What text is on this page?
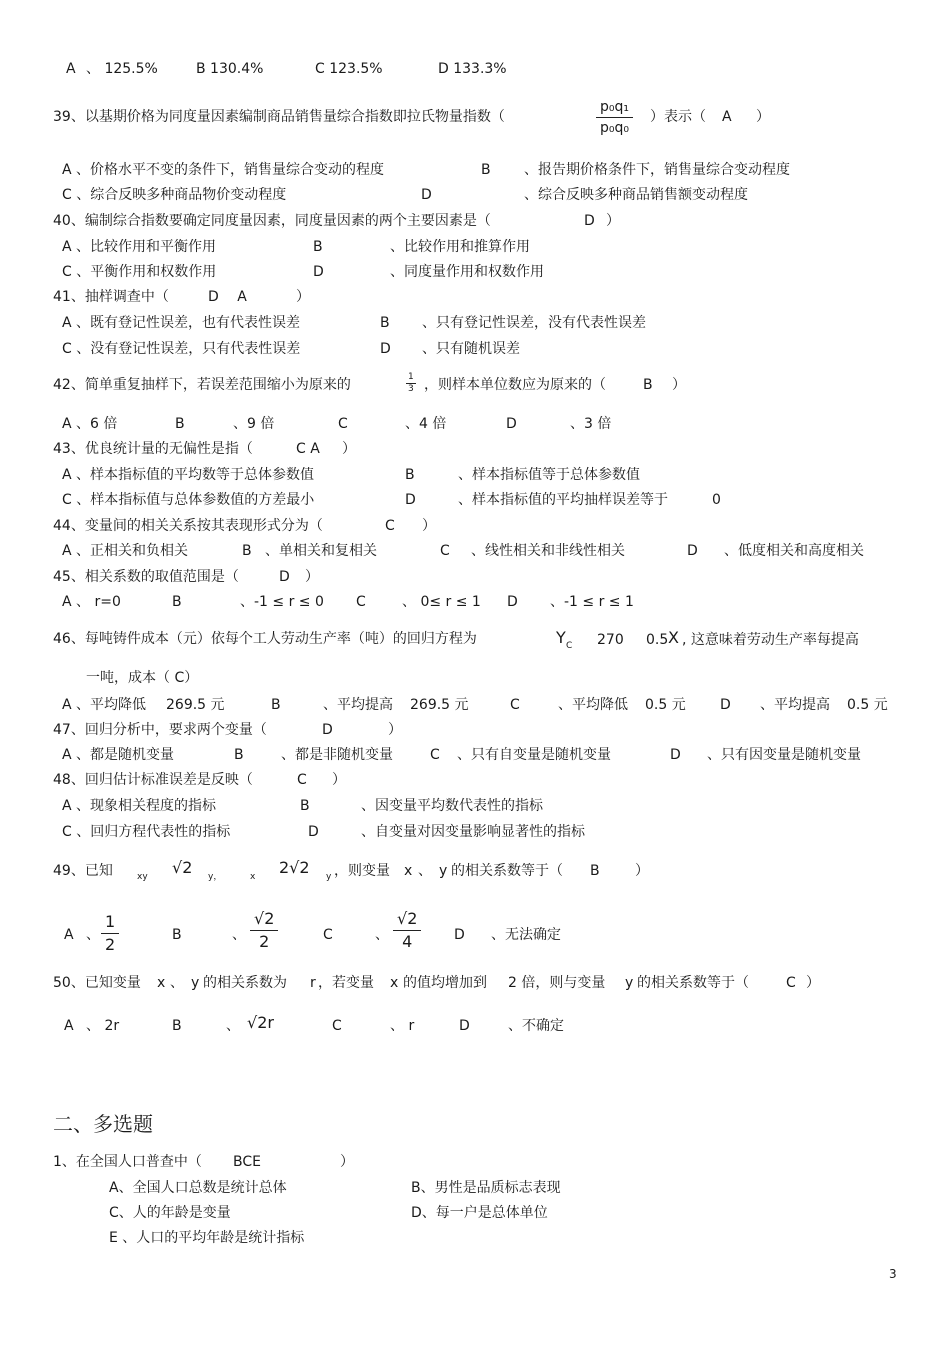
A 、 125.5%	B 130.4%	C 123.5%	D 133.3%
39、以基期价格为同度量因素编制商品销售量综合指数即拉氏物量指数（	$\frac{\text{p₀q₁}}{\text{p₀q₀}}$ ）表示（ A ）
A 、价格水平不变的条件下，销售量综合变动的程度	B 、报告期价格条件下，销售量综合变动程度
C 、综合反映多种商品物价变动程度	D	、综合反映多种商品销售额变动程度
40、编制综合指数要确定同度量因素，同度量因素的两个主要因素是（	D ）
A 、比较作用和平衡作用	B	、比较作用和推算作用
C 、平衡作用和权数作用	D	、同度量作用和权数作用
41、抽样调查中（	D　 A	）
A 、既有登记性误差，也有代表性误差	B 、只有登记性误差，没有代表性误差
C 、没有登记性误差，只有代表性误差	D 、只有随机误差
42、简单重复抽样下，若误差范围缩小为原来的	$\frac{1}{3}$ ，则样本单位数应为原来的（	B ）
A 、6 倍	B	、9 倍	C	、4 倍	D	、3 倍
43、优良统计量的无偏性是指（	C A ）
A 、样本指标值的平均数等于总体参数值	B	、样本指标值等于总体参数值
C 、样本指标值与总体参数值的方差最小	D	、样本指标值的平均抽样误差等于	0
44、变量间的相关关系按其表现形式分为（	C ）
A 、正相关和负相关	B 、单相关和复相关	C 、线性相关和非线性相关	D 、低度相关和高度相关
45、相关系数的取值范围是（	D ）
A 、 r=0	B	、-1 ≤ r ≤ 0 C	、 0≤ r ≤ 1 D 、-1 ≤ r ≤ 1
46、每吨铸件成本（元）依每个工人劳动生产率（吨）的回归方程为	Y C 270 0.5 X , 这意味着劳动生产率每提高
一吨，成本（ C）
A 、平均降低 269.5 元	B	、平均提高 269.5 元	C	、平均降低 0.5 元 D 、平均提高 0.5 元
47、回归分析中，要求两个变量（	D	）
A 、都是随机变量	B	、都是非随机变量	C 、只有自变量是随机变量	D 、只有因变量是随机变量
48、回归估计标准误差是反映（	C ）
A 、现象相关程度的指标	B	、因变量平均数代表性的指标
C 、回归方程代表性的指标	D	、自变量对因变量影响显著性的指标
49、已知	xy √2 y，	x 2√2 y ，则变量 x 、 y 的相关系数等于（ B	）
A 、 $\frac{1}{2}$	B	、 $\frac{√2}{2}$	C	、 $\frac{√2}{4}$ D 、无法确定
50、已知变量 x 、 y 的相关系数为 r ，若变量 x 的值均增加到 2 倍，则与变量 y 的相关系数等于（	C ）
A 、 2r	B	、 √2r	C	、 r	D	、不确定
二、多选题
1、在全国人口普查中（ BCE	）
A、全国人口总数是统计总体	B、男性是品质标志表现
C、人的年龄是变量	D、每一户是总体单位
E 、人口的平均年龄是统计指标
3
